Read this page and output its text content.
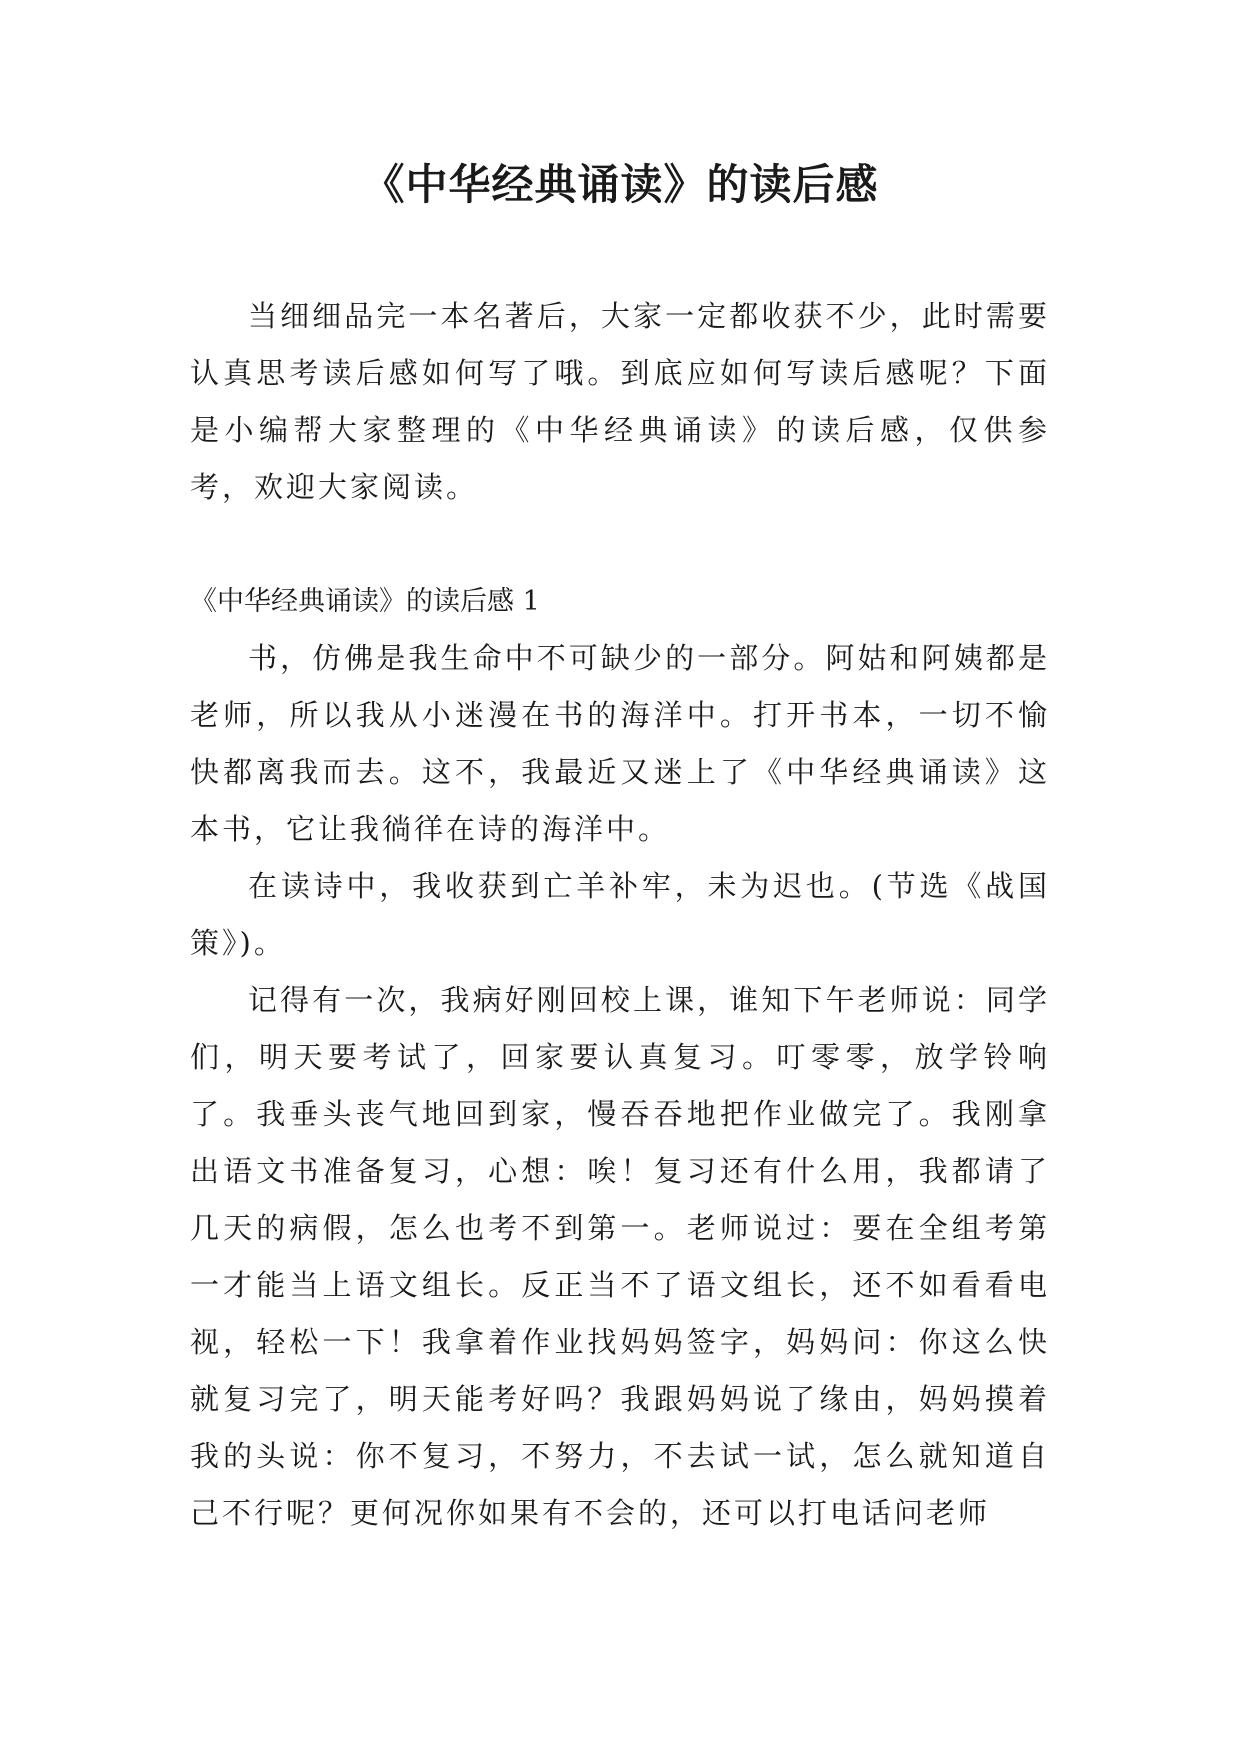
《中华经典诵读》的读后感

当细细品完一本名著后，大家一定都收获不少，此时需要认真思考读后感如何写了哦。到底应如何写读后感呢？下面是小编帮大家整理的《中华经典诵读》的读后感，仅供参考，欢迎大家阅读。

《中华经典诵读》的读后感 1

书，仿佛是我生命中不可缺少的一部分。阿姑和阿姨都是老师，所以我从小迷漫在书的海洋中。打开书本，一切不愉快都离我而去。这不，我最近又迷上了《中华经典诵读》这本书，它让我徜徉在诗的海洋中。

在读诗中，我收获到亡羊补牢，未为迟也。(节选《战国策》)。

记得有一次，我病好刚回校上课，谁知下午老师说：同学们，明天要考试了，回家要认真复习。叮零零，放学铃响了。我垂头丧气地回到家，慢吞吞地把作业做完了。我刚拿出语文书准备复习，心想：唉！复习还有什么用，我都请了几天的病假，怎么也考不到第一。老师说过：要在全组考第一才能当上语文组长。反正当不了语文组长，还不如看看电视，轻松一下！我拿着作业找妈妈签字，妈妈问：你这么快就复习完了，明天能考好吗？我跟妈妈说了缘由，妈妈摸着我的头说：你不复习，不努力，不去试一试，怎么就知道自己不行呢？更何况你如果有不会的，还可以打电话问老师
